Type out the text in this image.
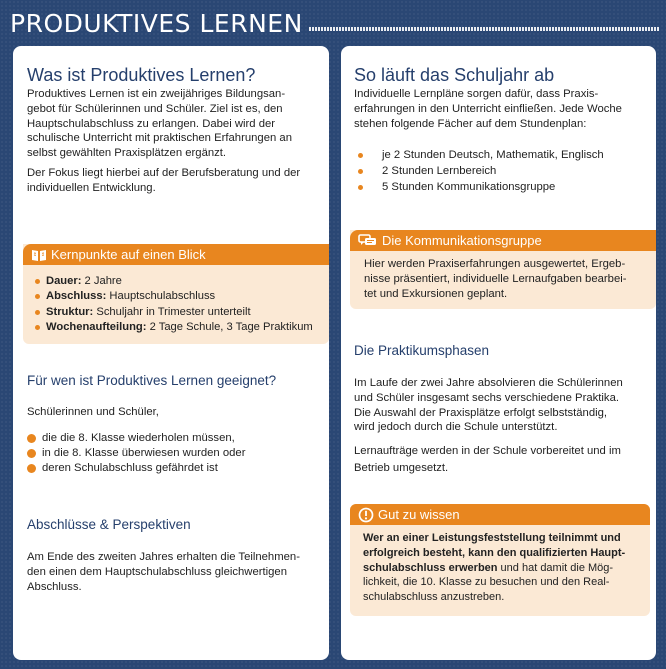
PRODUKTIVES LERNEN
Was ist Produktives Lernen?
Produktives Lernen ist ein zweijähriges Bildungsan-
gebot für Schülerinnen und Schüler. Ziel ist es, den
Hauptschulabschluss zu erlangen. Dabei wird der
schulische Unterricht mit praktischen Erfahrungen an
selbst gewählten Praxisplätzen ergänzt.
Der Fokus liegt hierbei auf der Berufsberatung und der
individuellen Entwicklung.
Kernpunkte auf einen Blick
Dauer: 2 Jahre
Abschluss: Hauptschulabschluss
Struktur: Schuljahr in Trimester unterteilt
Wochenaufteilung: 2 Tage Schule, 3 Tage Praktikum
Für wen ist Produktives Lernen geeignet?
Schülerinnen und Schüler,
die die 8. Klasse wiederholen müssen,
in die 8. Klasse überwiesen wurden oder
deren Schulabschluss gefährdet ist
Abschlüsse & Perspektiven
Am Ende des zweiten Jahres erhalten die Teilnehmen-
den einen dem Hauptschulabschluss gleichwertigen
Abschluss.
So läuft das Schuljahr ab
Individuelle Lernpläne sorgen dafür, dass Praxis-
erfahrungen in den Unterricht einfließen. Jede Woche
stehen folgende Fächer auf dem Stundenplan:
je 2 Stunden Deutsch, Mathematik, Englisch
2 Stunden Lernbereich
5 Stunden Kommunikationsgruppe
Die Kommunikationsgruppe
Hier werden Praxiserfahrungen ausgewertet, Ergeb-
nisse präsentiert, individuelle Lernaufgaben bearbei-
tet und Exkursionen geplant.
Die Praktikumsphasen
Im Laufe der zwei Jahre absolvieren die Schülerinnen
und Schüler insgesamt sechs verschiedene Praktika.
Die Auswahl der Praxisplätze erfolgt selbstständig,
wird jedoch durch die Schule unterstützt.
Lernaufträge werden in der Schule vorbereitet und im
Betrieb umgesetzt.
Gut zu wissen
Wer an einer Leistungsfeststellung teilnimmt und
erfolgreich besteht, kann den qualifizierten Haupt-
schulabschluss erwerben und hat damit die Mög-
lichkeit, die 10. Klasse zu besuchen und den Real-
schulabschluss anzustreben.
